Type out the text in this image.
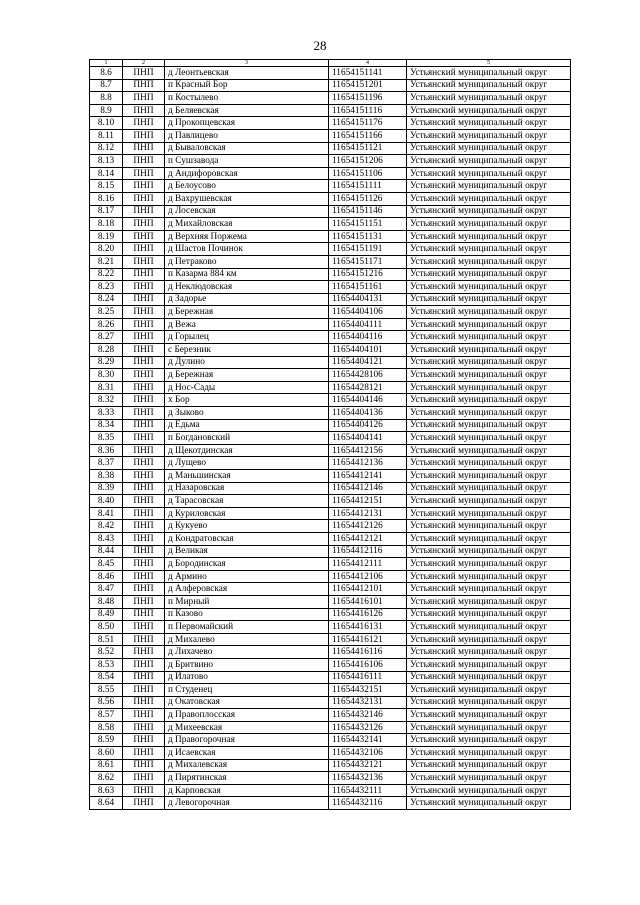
28
1	2	3	4	5
8.6	ПНП	д Леонтьевская	11654151141	Устьянский муниципальный округ
8.7	ПНП	п Красный Бор	11654151201	Устьянский муниципальный округ
8.8	ПНП	п Костылево	11654151196	Устьянский муниципальный округ
8.9	ПНП	д Беляевская	11654151116	Устьянский муниципальный округ
8.10	ПНП	д Прокопцевская	11654151176	Устьянский муниципальный округ
8.11	ПНП	д Павлицево	11654151166	Устьянский муниципальный округ
8.12	ПНП	д Бываловская	11654151121	Устьянский муниципальный округ
8.13	ПНП	п Сушзавода	11654151206	Устьянский муниципальный округ
8.14	ПНП	д Андифоровская	11654151106	Устьянский муниципальный округ
8.15	ПНП	д Белоусово	11654151111	Устьянский муниципальный округ
8.16	ПНП	д Вахрушевская	11654151126	Устьянский муниципальный округ
8.17	ПНП	д Лосевская	11654151146	Устьянский муниципальный округ
8.18	ПНП	д Михайловская	11654151151	Устьянский муниципальный округ
8.19	ПНП	д Верхняя Поржема	11654151131	Устьянский муниципальный округ
8.20	ПНП	д Шастов Починок	11654151191	Устьянский муниципальный округ
8.21	ПНП	д Петраково	11654151171	Устьянский муниципальный округ
8.22	ПНП	п Казарма 884 км	11654151216	Устьянский муниципальный округ
8.23	ПНП	д Неклюдовская	11654151161	Устьянский муниципальный округ
8.24	ПНП	д Задорье	11654404131	Устьянский муниципальный округ
8.25	ПНП	д Бережная	11654404106	Устьянский муниципальный округ
8.26	ПНП	д Вежа	11654404111	Устьянский муниципальный округ
8.27	ПНП	д Горылец	11654404116	Устьянский муниципальный округ
8.28	ПНП	с Березник	11654404101	Устьянский муниципальный округ
8.29	ПНП	д Дулино	11654404121	Устьянский муниципальный округ
8.30	ПНП	д Бережная	11654428106	Устьянский муниципальный округ
8.31	ПНП	д Нос-Сады	11654428121	Устьянский муниципальный округ
8.32	ПНП	х Бор	11654404146	Устьянский муниципальный округ
8.33	ПНП	д Зыково	11654404136	Устьянский муниципальный округ
8.34	ПНП	д Едьма	11654404126	Устьянский муниципальный округ
8.35	ПНП	п Богдановский	11654404141	Устьянский муниципальный округ
8.36	ПНП	д Щекотдинская	11654412156	Устьянский муниципальный округ
8.37	ПНП	д Лущево	11654412136	Устьянский муниципальный округ
8.38	ПНП	д Маньшинская	11654412141	Устьянский муниципальный округ
8.39	ПНП	д Назаровская	11654412146	Устьянский муниципальный округ
8.40	ПНП	д Тарасовская	11654412151	Устьянский муниципальный округ
8.41	ПНП	д Куриловская	11654412131	Устьянский муниципальный округ
8.42	ПНП	д Кукуево	11654412126	Устьянский муниципальный округ
8.43	ПНП	д Кондратовская	11654412121	Устьянский муниципальный округ
8.44	ПНП	д Великая	11654412116	Устьянский муниципальный округ
8.45	ПНП	д Бородинская	11654412111	Устьянский муниципальный округ
8.46	ПНП	д Армино	11654412106	Устьянский муниципальный округ
8.47	ПНП	д Алферовская	11654412101	Устьянский муниципальный округ
8.48	ПНП	п Мирный	11654416101	Устьянский муниципальный округ
8.49	ПНП	п Казово	11654416126	Устьянский муниципальный округ
8.50	ПНП	п Первомайский	11654416131	Устьянский муниципальный округ
8.51	ПНП	д Михалево	11654416121	Устьянский муниципальный округ
8.52	ПНП	д Лихачево	11654416116	Устьянский муниципальный округ
8.53	ПНП	д Бритвино	11654416106	Устьянский муниципальный округ
8.54	ПНП	д Илатово	11654416111	Устьянский муниципальный округ
8.55	ПНП	п Студенец	11654432151	Устьянский муниципальный округ
8.56	ПНП	д Окатовская	11654432131	Устьянский муниципальный округ
8.57	ПНП	д Правоплосская	11654432146	Устьянский муниципальный округ
8.58	ПНП	д Михеевская	11654432126	Устьянский муниципальный округ
8.59	ПНП	д Правогорочная	11654432141	Устьянский муниципальный округ
8.60	ПНП	д Исаевская	11654432106	Устьянский муниципальный округ
8.61	ПНП	д Михалевская	11654432121	Устьянский муниципальный округ
8.62	ПНП	д Пирятинская	11654432136	Устьянский муниципальный округ
8.63	ПНП	д Карповская	11654432111	Устьянский муниципальный округ
8.64	ПНП	д Левогорочная	11654432116	Устьянский муниципальный округ
